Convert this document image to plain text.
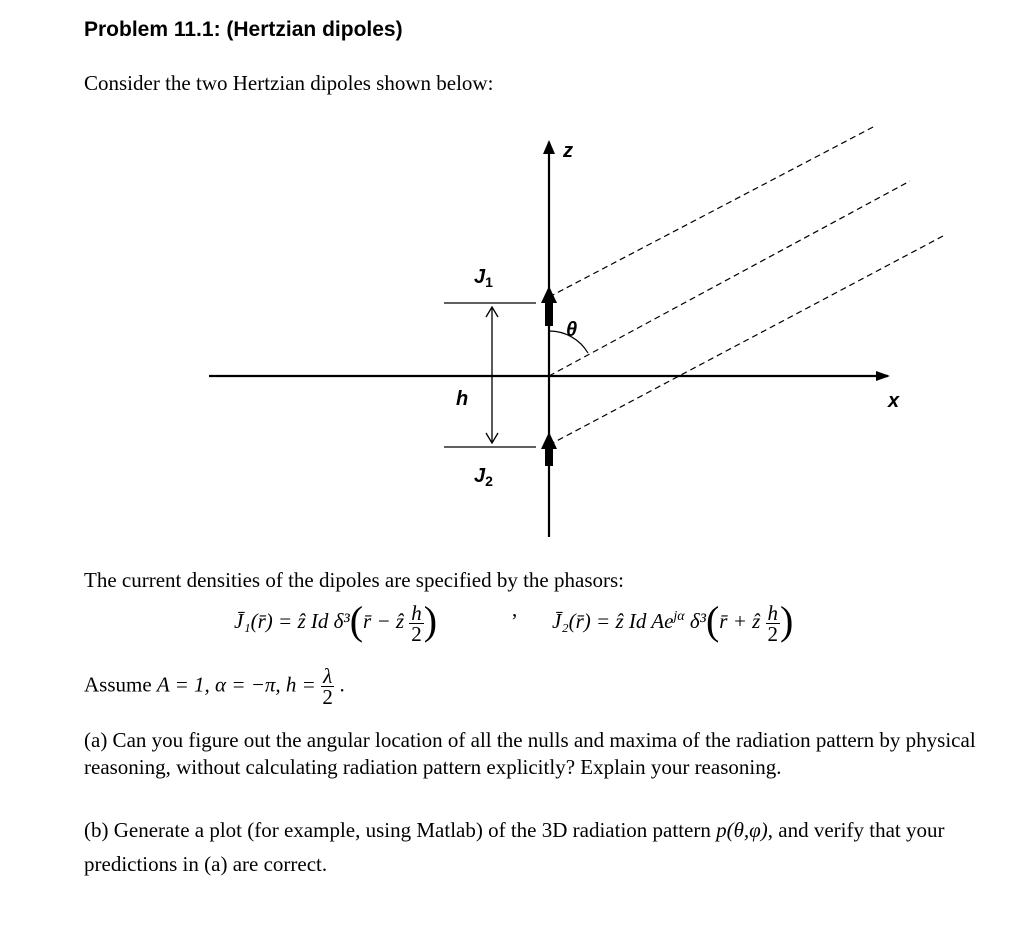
Problem 11.1: (Hertzian dipoles)
Consider the two Hertzian dipoles shown below:
z
x
$J_1$
$J_2$
h
θ
The current densities of the dipoles are specified by the phasors:
J̄₁(r̄) = ẑ Id δ³(r̄ − ẑ $\frac{h}{2}$ )	, J̄₂(r̄) = ẑ Id $Ae^{j\alpha}$ δ³(r̄ + ẑ $\frac{h}{2}$ )
Assume A = 1, α = −π, $h = \frac{\lambda}{2}$ .
(a) Can you figure out the angular location of all the nulls and maxima of the radiation pattern by physical reasoning, without calculating radiation pattern explicitly? Explain your reasoning.
(b) Generate a plot (for example, using Matlab) of the 3D radiation pattern p(θ,φ), and verify that your predictions in (a) are correct.
